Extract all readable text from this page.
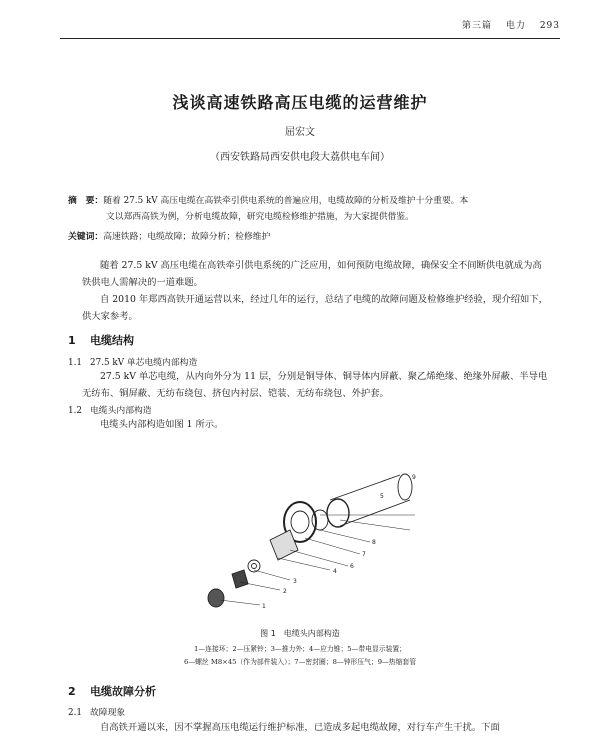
第三篇 电力 293
浅谈高速铁路高压电缆的运营维护
屈宏文
（西安铁路局西安供电段大荔供电车间）
摘　要：随着 27.5 kV 高压电缆在高铁牵引供电系统的普遍应用，电缆故障的分析及维护十分重要。本
文以郑西高铁为例，分析电缆故障，研究电缆检修维护措施，为大家提供借鉴。
关键词：高速铁路；电缆故障；故障分析；检修维护
随着 27.5 kV 高压电缆在高铁牵引供电系统的广泛应用，如何预防电缆故障，确保安全不间断供电就成为高铁供电人需解决的一道难题。
自 2010 年郑西高铁开通运营以来，经过几年的运行，总结了电缆的故障问题及检修维护经验，现介绍如下，供大家参考。
1 电缆结构
1.1 27.5 kV 单芯电缆内部构造
27.5 kV 单芯电缆，从内向外分为 11 层，分别是铜导体、铜导体内屏蔽、聚乙烯绝缘、绝缘外屏蔽、半导电无纺布、铜屏蔽、无纺布绕包、挤包内衬层、铠装、无纺布绕包、外护套。
1.2 电缆头内部构造
电缆头内部构造如图 1 所示。
1
2
3
4
5
6
7
8
9
图 1　电缆头内部构造
1—连接环；2—压紧铃；3—推力外；4—应力锥；5—带电显示装置；
6—螺丝 M8×45（作为部件装入）；7—密封圈；8—钟形压气；9—热缩套管
2 电缆故障分析
2.1 故障现象
自高铁开通以来，因不掌握高压电缆运行维护标准，已造成多起电缆故障，对行车产生干扰。下面
